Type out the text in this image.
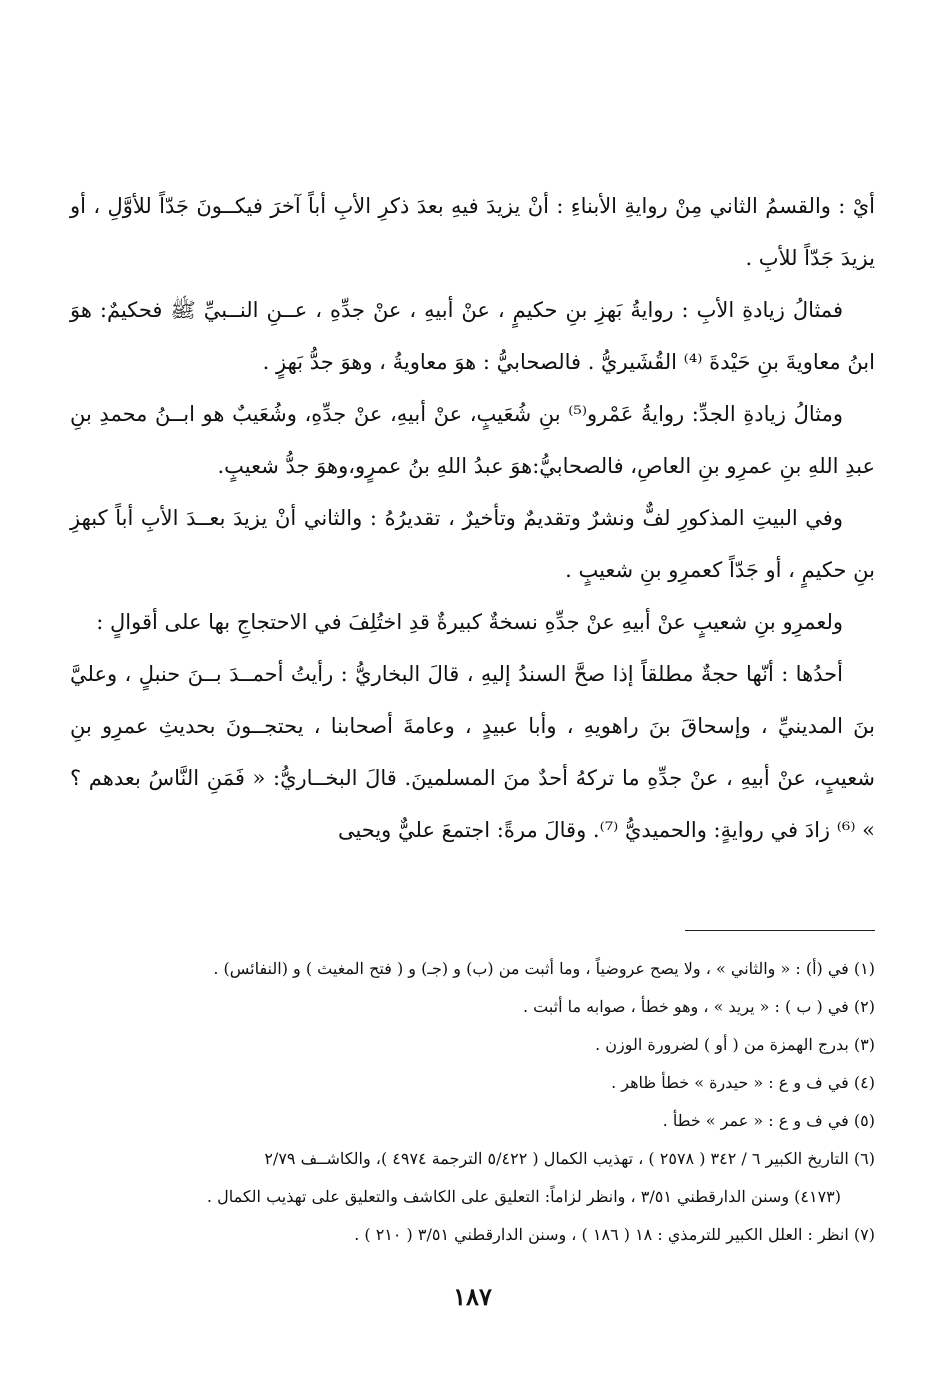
أيْ : والقسمُ الثاني مِنْ روايةِ الأبناءِ : أنْ يزيدَ فيهِ بعدَ ذكرِ الأبِ أباً آخرَ فيكــونَ جَدّاً للأوَّلِ ، أو يزيدَ جَدّاً للأبِ .

فمثالُ زيادةِ الأبِ : روايةُ بَهزِ بنِ حكيمٍ ، عنْ أبيهِ ، عنْ جدِّهِ ، عــنِ النــبيِّ ﷺ فحكيمٌ: هوَ ابنُ معاويةَ بنِ حَيْدةَ ⁽⁴⁾ القُشَيريُّ . فالصحابيُّ : هوَ معاويةُ ، وهوَ جدُّ بَهزٍ .

ومثالُ زيادةِ الجدِّ: روايةُ عَمْرو⁽⁵⁾ بنِ شُعَيبٍ، عنْ أبيهِ، عنْ جدِّهِ، وشُعَيبٌ هو ابــنُ محمدِ بنِ عبدِ اللهِ بنِ عمرِو بنِ العاصِ، فالصحابيُّ:هوَ عبدُ اللهِ بنُ عمرٍو،وهوَ جدُّ شعيبٍ.

وفي البيتِ المذكورِ لفٌّ ونشرٌ وتقديمٌ وتأخيرٌ ، تقديرُهُ : والثاني أنْ يزيدَ بعــدَ الأبِ أباً كبهزِ بنِ حكيمٍ ، أو جَدّاً كعمرِو بنِ شعيبٍ .

ولعمرِو بنِ شعيبٍ عنْ أبيهِ عنْ جدِّهِ نسخةٌ كبيرةٌ قدِ اختُلِفَ في الاحتجاجِ بها على أقوالٍ :

أحدُها : أنّها حجةٌ مطلقاً إذا صحَّ السندُ إليهِ ، قالَ البخاريُّ : رأيتُ أحمــدَ بــنَ حنبلٍ ، وعليَّ بنَ المدينيِّ ، وإسحاقَ بنَ راهويهِ ، وأبا عبيدٍ ، وعامةَ أصحابنا ، يحتجــونَ بحديثِ عمرِو بنِ شعيبٍ، عنْ أبيهِ ، عنْ جدِّهِ ما تركهُ أحدٌ منَ المسلمينَ. قالَ البخــاريُّ: « فَمَنِ النَّاسُ بعدهم ؟ » ⁽⁶⁾ زادَ في روايةٍ: والحميديُّ ⁽⁷⁾. وقالَ مرةً: اجتمعَ عليٌّ ويحيى

(١) في (أ) : « والثاني » ، ولا يصح عروضياً ، وما أثبت من (ب) و (جـ) و ( فتح المغيث ) و (النفائس) .
(٢) في ( ب ) : « يريد » ، وهو خطأ ، صوابه ما أثبت .
(٣) بدرج الهمزة من ( أو ) لضرورة الوزن .
(٤) في ف و ع : « حيدرة » خطأ ظاهر .
(٥) في ف و ع : « عمر » خطأ .
(٦) التاريخ الكبير ٦ / ٣٤٢ ( ٢٥٧٨ ) ، تهذيب الكمال ( ٥/٤٢٢ الترجمة ٤٩٧٤ )، والكاشــف ٢/٧٩
(٤١٧٣) وسنن الدارقطني ٣/٥١ ، وانظر لزاماً: التعليق على الكاشف والتعليق على تهذيب الكمال .
(٧) انظر : العلل الكبير للترمذي : ١٨ ( ١٨٦ ) ، وسنن الدارقطني ٣/٥١ ( ٢١٠ ) .
١٨٧
